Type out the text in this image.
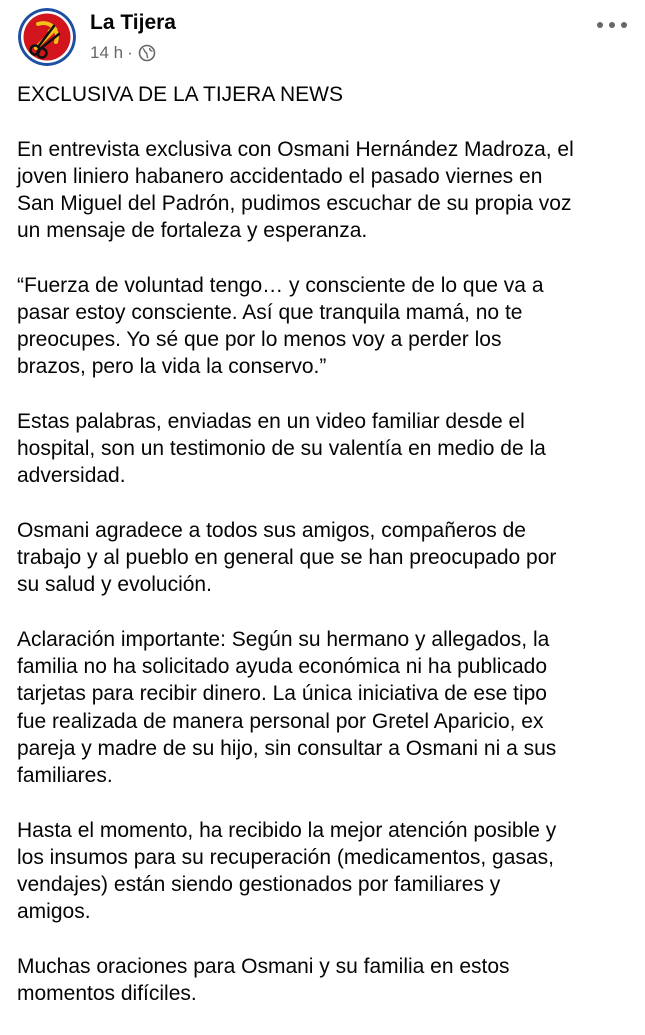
La Tijera
14 h ·

EXCLUSIVA DE LA TIJERA NEWS

En entrevista exclusiva con Osmani Hernández Madroza, el
joven liniero habanero accidentado el pasado viernes en
San Miguel del Padrón, pudimos escuchar de su propia voz
un mensaje de fortaleza y esperanza.

“Fuerza de voluntad tengo… y consciente de lo que va a
pasar estoy consciente. Así que tranquila mamá, no te
preocupes. Yo sé que por lo menos voy a perder los
brazos, pero la vida la conservo.”

Estas palabras, enviadas en un video familiar desde el
hospital, son un testimonio de su valentía en medio de la
adversidad.

Osmani agradece a todos sus amigos, compañeros de
trabajo y al pueblo en general que se han preocupado por
su salud y evolución.

Aclaración importante: Según su hermano y allegados, la
familia no ha solicitado ayuda económica ni ha publicado
tarjetas para recibir dinero. La única iniciativa de ese tipo
fue realizada de manera personal por Gretel Aparicio, ex
pareja y madre de su hijo, sin consultar a Osmani ni a sus
familiares.

Hasta el momento, ha recibido la mejor atención posible y
los insumos para su recuperación (medicamentos, gasas,
vendajes) están siendo gestionados por familiares y
amigos.

Muchas oraciones para Osmani y su familia en estos
momentos difíciles.
